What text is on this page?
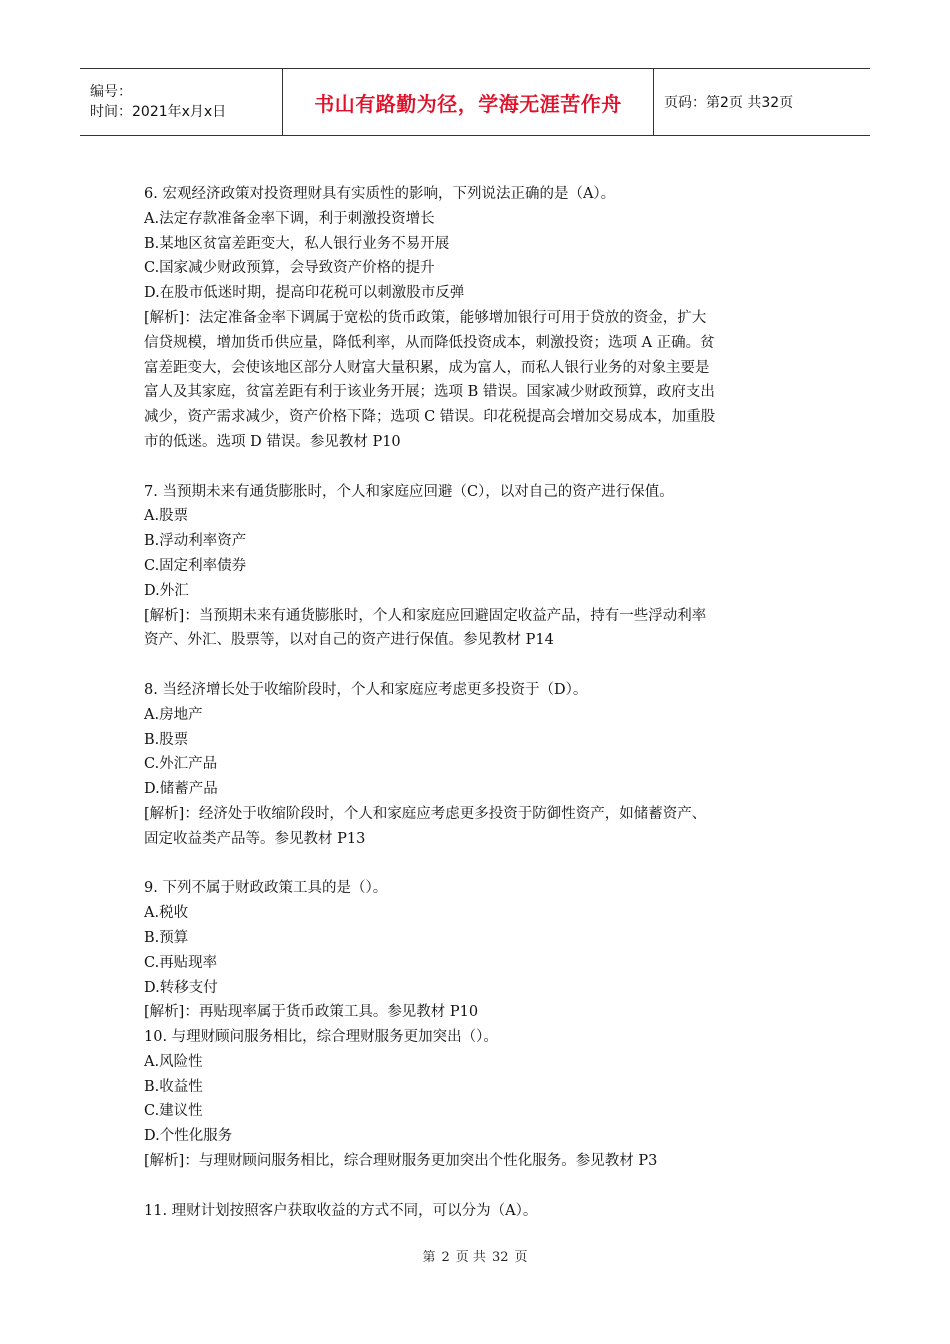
编号：
时间：2021年x月x日	书山有路勤为径，学海无涯苦作舟	页码：第2页 共32页

6. 宏观经济政策对投资理财具有实质性的影响，下列说法正确的是（A）。

A.法定存款准备金率下调，利于刺激投资增长

B.某地区贫富差距变大，私人银行业务不易开展

C.国家减少财政预算，会导致资产价格的提升

D.在股市低迷时期，提高印花税可以刺激股市反弹

[解析]：法定准备金率下调属于宽松的货币政策，能够增加银行可用于贷放的资金，扩大

信贷规模，增加货币供应量，降低利率，从而降低投资成本，刺激投资；选项 A 正确。贫

富差距变大，会使该地区部分人财富大量积累，成为富人，而私人银行业务的对象主要是

富人及其家庭，贫富差距有利于该业务开展；选项 B 错误。国家减少财政预算，政府支出

减少，资产需求减少，资产价格下降；选项 C 错误。印花税提高会增加交易成本，加重股

市的低迷。选项 D 错误。参见教材 P10

7. 当预期未来有通货膨胀时，个人和家庭应回避（C），以对自己的资产进行保值。

A.股票

B.浮动利率资产

C.固定利率债券

D.外汇

[解析]：当预期未来有通货膨胀时，个人和家庭应回避固定收益产品，持有一些浮动利率

资产、外汇、股票等，以对自己的资产进行保值。参见教材 P14

8. 当经济增长处于收缩阶段时，个人和家庭应考虑更多投资于（D）。

A.房地产

B.股票

C.外汇产品

D.储蓄产品

[解析]：经济处于收缩阶段时，个人和家庭应考虑更多投资于防御性资产，如储蓄资产、

固定收益类产品等。参见教材 P13

9. 下列不属于财政政策工具的是（）。

A.税收

B.预算

C.再贴现率

D.转移支付

[解析]：再贴现率属于货币政策工具。参见教材 P10

10. 与理财顾问服务相比，综合理财服务更加突出（）。

A.风险性

B.收益性

C.建议性

D.个性化服务

[解析]：与理财顾问服务相比，综合理财服务更加突出个性化服务。参见教材 P3

11. 理财计划按照客户获取收益的方式不同，可以分为（A）。

第 2 页 共 32 页
